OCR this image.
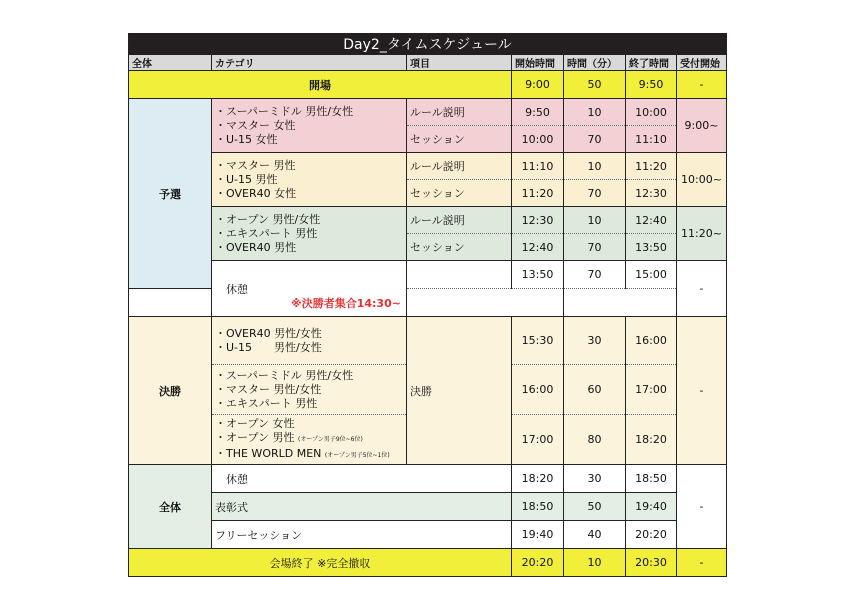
Day2_タイムスケジュール						
全体	カテゴリ	項目	開始時間	時間（分）	終了時間	受付開始
開場			9:00	50	9:50	-
予選	・スーパーミドル 男性/女性
・マスター 女性
・U-15 女性	ルール説明	9:50	10	10:00	9:00~
		セッション	10:00	70	11:10	

	・マスター 男性
・U-15 男性
・OVER40 女性	ルール説明	11:10	10	11:20	10:00~
		セッション	11:20	70	12:30	

	・オープン 男性/女性
・エキスパート 男性
・OVER40 男性	ルール説明	12:30	10	12:40	11:20~
		セッション	12:40	70	13:50	
	休憩		13:50	70	15:00	-
※決勝者集合14:30~						
決勝	・OVER40 男性/女性
・U-15　　男性/女性	決勝	15:30	30	16:00	-

	・スーパーミドル 男性/女性
・マスター 男性/女性
・エキスパート 男性		16:00	60	17:00	

	・オープン 女性
・オープン 男性 (オープン男子9位~6位)
・THE WORLD MEN (オープン男子5位~1位)		17:00	80	18:20	
全体	休憩		18:20	30	18:50	-
	表彰式		18:50	50	19:40	
	フリーセッション		19:40	40	20:20	
会場終了 ※完全撤収			20:20	10	20:30	-
